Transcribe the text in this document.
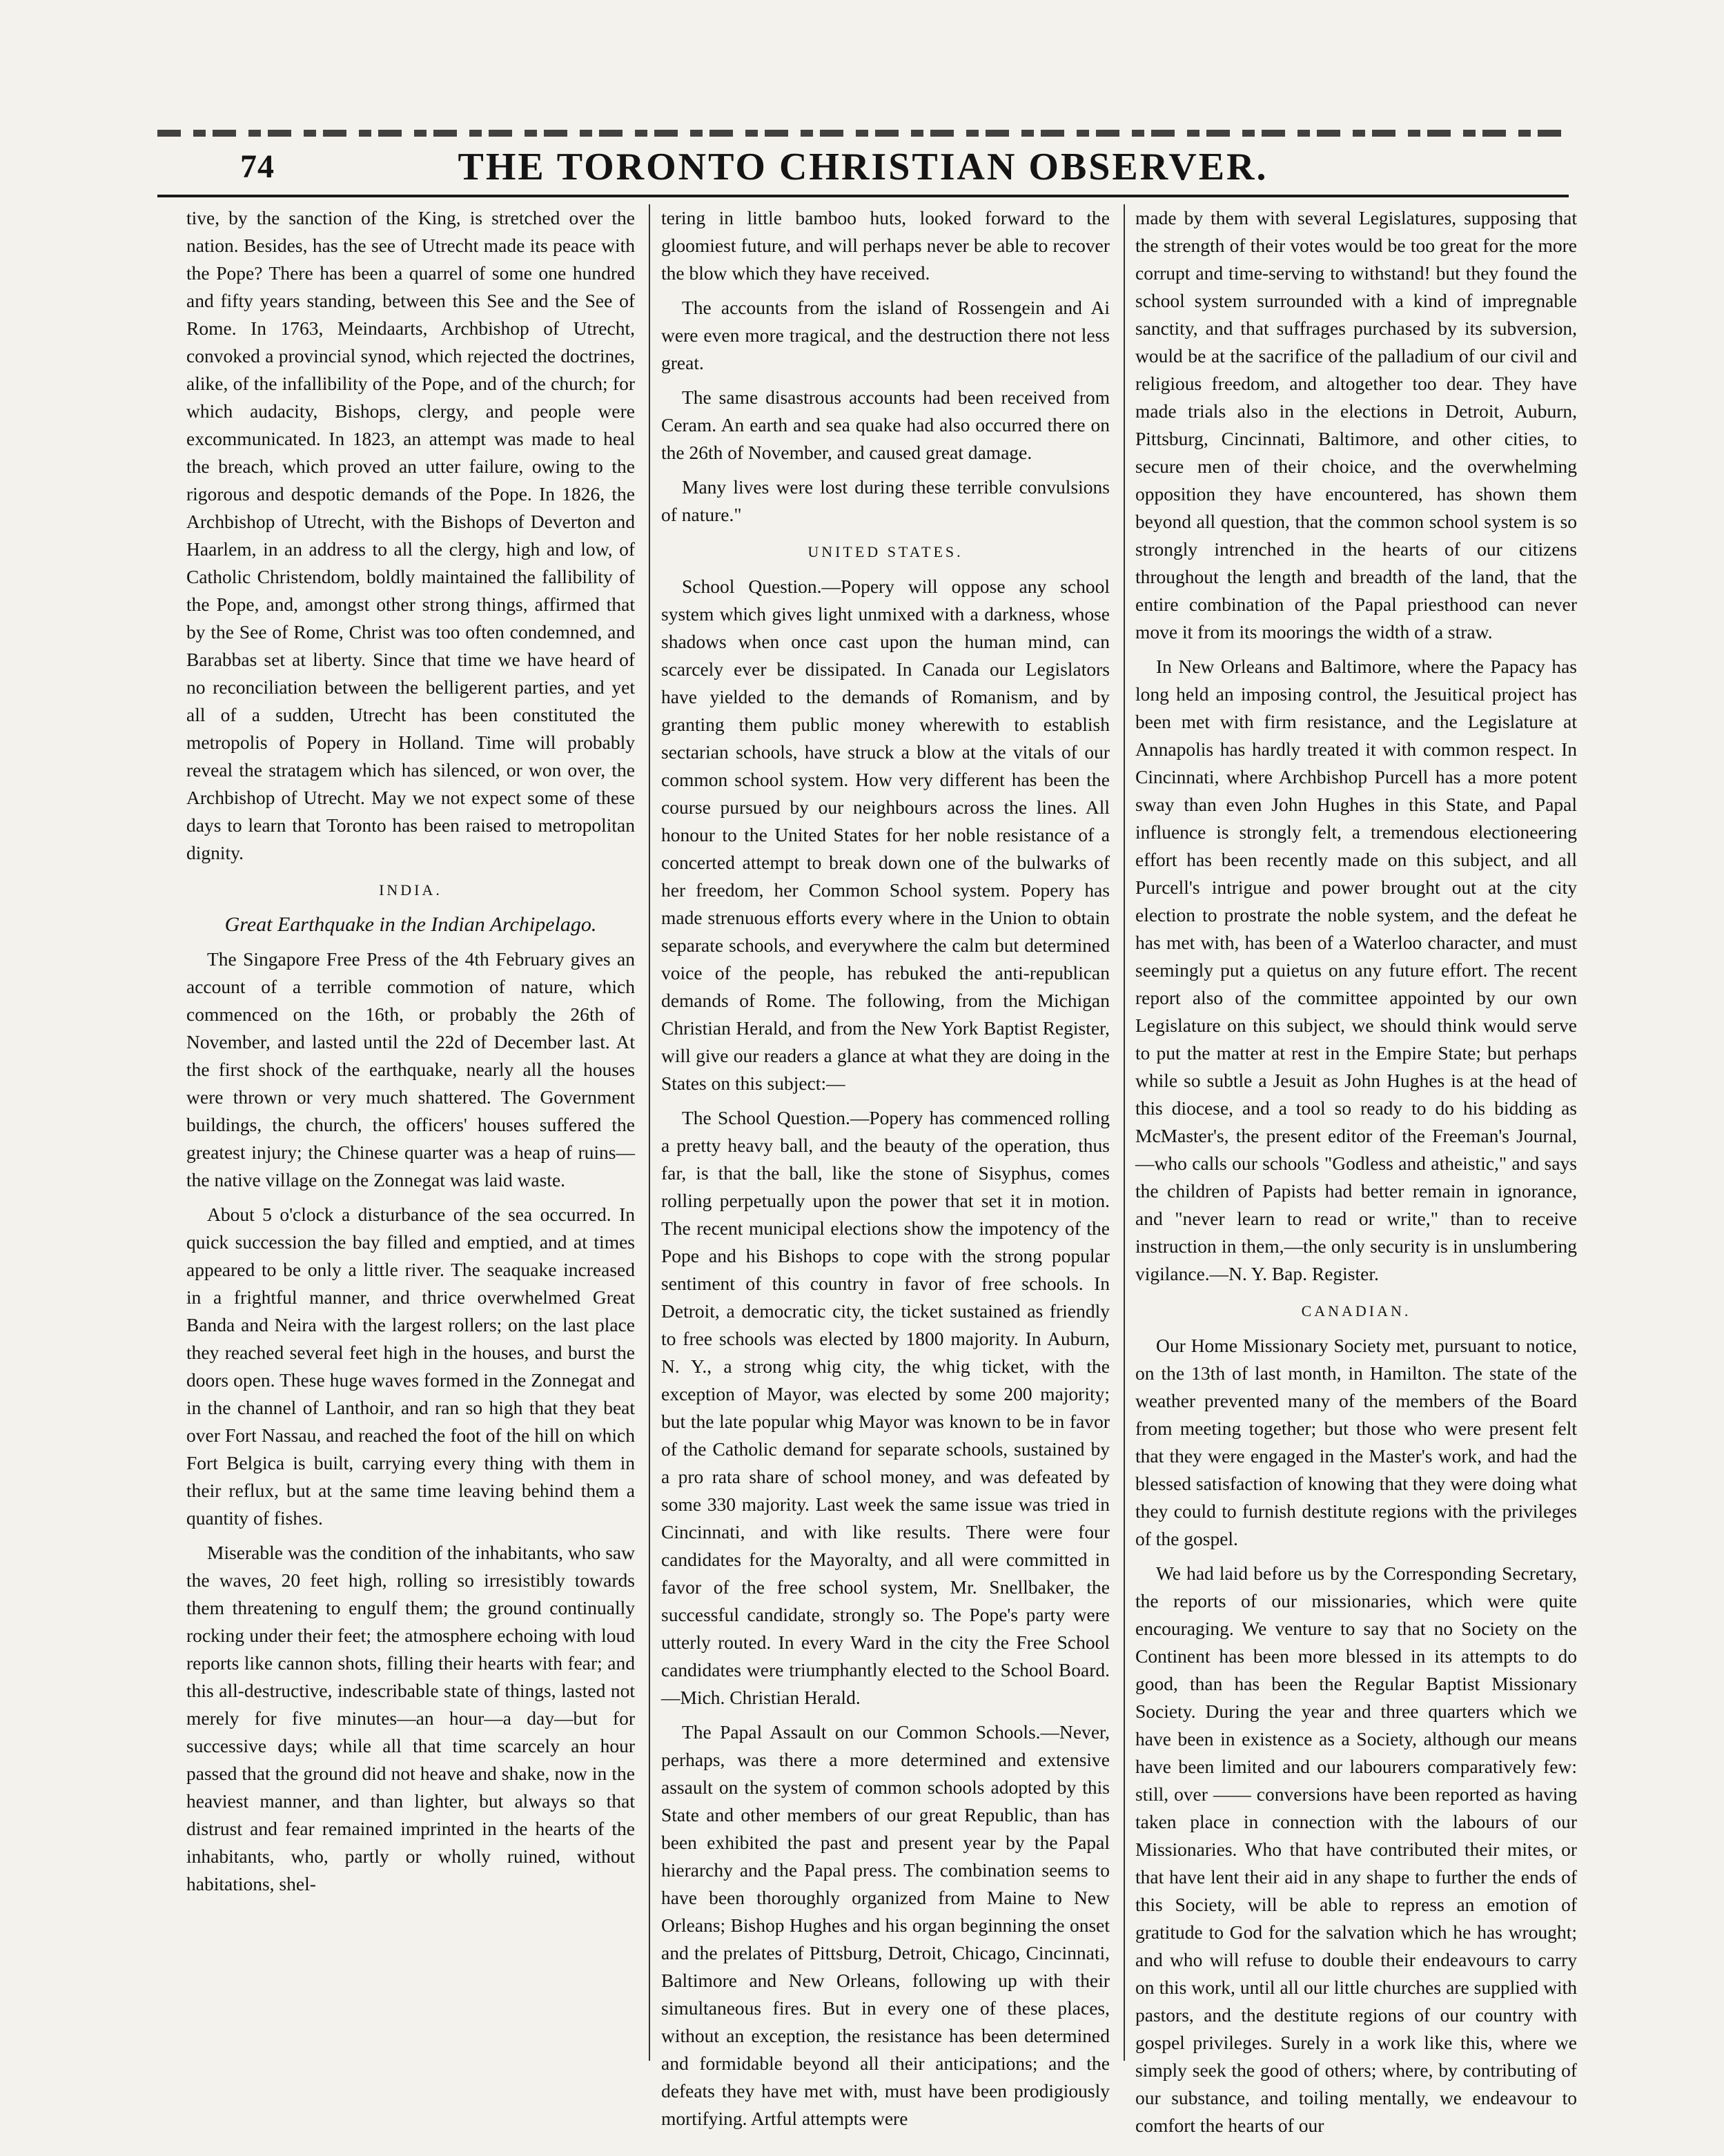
74	THE TORONTO CHRISTIAN OBSERVER.

tive, by the sanction of the King, is stretched over the nation. Besides, has the see of Utrecht made its peace with the Pope? There has been a quarrel of some one hundred and fifty years standing, between this See and the See of Rome. In 1763, Meindaarts, Archbishop of Utrecht, convoked a provincial synod, which rejected the doctrines, alike, of the infallibility of the Pope, and of the church; for which audacity, Bishops, clergy, and people were excommunicated. In 1823, an attempt was made to heal the breach, which proved an utter failure, owing to the rigorous and despotic demands of the Pope. In 1826, the Archbishop of Utrecht, with the Bishops of Deverton and Haarlem, in an address to all the clergy, high and low, of Catholic Christendom, boldly maintained the fallibility of the Pope, and, amongst other strong things, affirmed that by the See of Rome, Christ was too often condemned, and Barabbas set at liberty. Since that time we have heard of no reconciliation between the belligerent parties, and yet all of a sudden, Utrecht has been constituted the metropolis of Popery in Holland. Time will probably reveal the stratagem which has silenced, or won over, the Archbishop of Utrecht. May we not expect some of these days to learn that Toronto has been raised to metropolitan dignity.

INDIA.

Great Earthquake in the Indian Archipelago.

The Singapore Free Press of the 4th February gives an account of a terrible commotion of nature, which commenced on the 16th, or probably the 26th of November, and lasted until the 22d of December last. At the first shock of the earthquake, nearly all the houses were thrown or very much shattered. The Government buildings, the church, the officers' houses suffered the greatest injury; the Chinese quarter was a heap of ruins—the native village on the Zonnegat was laid waste.

About 5 o'clock a disturbance of the sea occurred. In quick succession the bay filled and emptied, and at times appeared to be only a little river. The seaquake increased in a frightful manner, and thrice overwhelmed Great Banda and Neira with the largest rollers; on the last place they reached several feet high in the houses, and burst the doors open. These huge waves formed in the Zonnegat and in the channel of Lanthoir, and ran so high that they beat over Fort Nassau, and reached the foot of the hill on which Fort Belgica is built, carrying every thing with them in their reflux, but at the same time leaving behind them a quantity of fishes.

Miserable was the condition of the inhabitants, who saw the waves, 20 feet high, rolling so irresistibly towards them threatening to engulf them; the ground continually rocking under their feet; the atmosphere echoing with loud reports like cannon shots, filling their hearts with fear; and this all-destructive, indescribable state of things, lasted not merely for five minutes—an hour—a day—but for successive days; while all that time scarcely an hour passed that the ground did not heave and shake, now in the heaviest manner, and than lighter, but always so that distrust and fear remained imprinted in the hearts of the inhabitants, who, partly or wholly ruined, without habitations, shel-

tering in little bamboo huts, looked forward to the gloomiest future, and will perhaps never be able to recover the blow which they have received.

The accounts from the island of Rossengein and Ai were even more tragical, and the destruction there not less great.

The same disastrous accounts had been received from Ceram. An earth and sea quake had also occurred there on the 26th of November, and caused great damage.

Many lives were lost during these terrible convulsions of nature."

UNITED STATES.

School Question.—Popery will oppose any school system which gives light unmixed with a darkness, whose shadows when once cast upon the human mind, can scarcely ever be dissipated. In Canada our Legislators have yielded to the demands of Romanism, and by granting them public money wherewith to establish sectarian schools, have struck a blow at the vitals of our common school system. How very different has been the course pursued by our neighbours across the lines. All honour to the United States for her noble resistance of a concerted attempt to break down one of the bulwarks of her freedom, her Common School system. Popery has made strenuous efforts every where in the Union to obtain separate schools, and everywhere the calm but determined voice of the people, has rebuked the anti-republican demands of Rome. The following, from the Michigan Christian Herald, and from the New York Baptist Register, will give our readers a glance at what they are doing in the States on this subject:—

The School Question.—Popery has commenced rolling a pretty heavy ball, and the beauty of the operation, thus far, is that the ball, like the stone of Sisyphus, comes rolling perpetually upon the power that set it in motion. The recent municipal elections show the impotency of the Pope and his Bishops to cope with the strong popular sentiment of this country in favor of free schools. In Detroit, a democratic city, the ticket sustained as friendly to free schools was elected by 1800 majority. In Auburn, N. Y., a strong whig city, the whig ticket, with the exception of Mayor, was elected by some 200 majority; but the late popular whig Mayor was known to be in favor of the Catholic demand for separate schools, sustained by a pro rata share of school money, and was defeated by some 330 majority. Last week the same issue was tried in Cincinnati, and with like results. There were four candidates for the Mayoralty, and all were committed in favor of the free school system, Mr. Snellbaker, the successful candidate, strongly so. The Pope's party were utterly routed. In every Ward in the city the Free School candidates were triumphantly elected to the School Board.—Mich. Christian Herald.

The Papal Assault on our Common Schools.—Never, perhaps, was there a more determined and extensive assault on the system of common schools adopted by this State and other members of our great Republic, than has been exhibited the past and present year by the Papal hierarchy and the Papal press. The combination seems to have been thoroughly organized from Maine to New Orleans; Bishop Hughes and his organ beginning the onset and the prelates of Pittsburg, Detroit, Chicago, Cincinnati, Baltimore and New Orleans, following up with their simultaneous fires. But in every one of these places, without an exception, the resistance has been determined and formidable beyond all their anticipations; and the defeats they have met with, must have been prodigiously mortifying. Artful attempts were

made by them with several Legislatures, supposing that the strength of their votes would be too great for the more corrupt and time-serving to withstand! but they found the school system surrounded with a kind of impregnable sanctity, and that suffrages purchased by its subversion, would be at the sacrifice of the palladium of our civil and religious freedom, and altogether too dear. They have made trials also in the elections in Detroit, Auburn, Pittsburg, Cincinnati, Baltimore, and other cities, to secure men of their choice, and the overwhelming opposition they have encountered, has shown them beyond all question, that the common school system is so strongly intrenched in the hearts of our citizens throughout the length and breadth of the land, that the entire combination of the Papal priesthood can never move it from its moorings the width of a straw.

In New Orleans and Baltimore, where the Papacy has long held an imposing control, the Jesuitical project has been met with firm resistance, and the Legislature at Annapolis has hardly treated it with common respect. In Cincinnati, where Archbishop Purcell has a more potent sway than even John Hughes in this State, and Papal influence is strongly felt, a tremendous electioneering effort has been recently made on this subject, and all Purcell's intrigue and power brought out at the city election to prostrate the noble system, and the defeat he has met with, has been of a Waterloo character, and must seemingly put a quietus on any future effort. The recent report also of the committee appointed by our own Legislature on this subject, we should think would serve to put the matter at rest in the Empire State; but perhaps while so subtle a Jesuit as John Hughes is at the head of this diocese, and a tool so ready to do his bidding as McMaster's, the present editor of the Freeman's Journal,—who calls our schools "Godless and atheistic," and says the children of Papists had better remain in ignorance, and "never learn to read or write," than to receive instruction in them,—the only security is in unslumbering vigilance.—N. Y. Bap. Register.

CANADIAN.

Our Home Missionary Society met, pursuant to notice, on the 13th of last month, in Hamilton. The state of the weather prevented many of the members of the Board from meeting together; but those who were present felt that they were engaged in the Master's work, and had the blessed satisfaction of knowing that they were doing what they could to furnish destitute regions with the privileges of the gospel.

We had laid before us by the Corresponding Secretary, the reports of our missionaries, which were quite encouraging. We venture to say that no Society on the Continent has been more blessed in its attempts to do good, than has been the Regular Baptist Missionary Society. During the year and three quarters which we have been in existence as a Society, although our means have been limited and our labourers comparatively few: still, over —— conversions have been reported as having taken place in connection with the labours of our Missionaries. Who that have contributed their mites, or that have lent their aid in any shape to further the ends of this Society, will be able to repress an emotion of gratitude to God for the salvation which he has wrought; and who will refuse to double their endeavours to carry on this work, until all our little churches are supplied with pastors, and the destitute regions of our country with gospel privileges. Surely in a work like this, where we simply seek the good of others; where, by contributing of our substance, and toiling mentally, we endeavour to comfort the hearts of our
